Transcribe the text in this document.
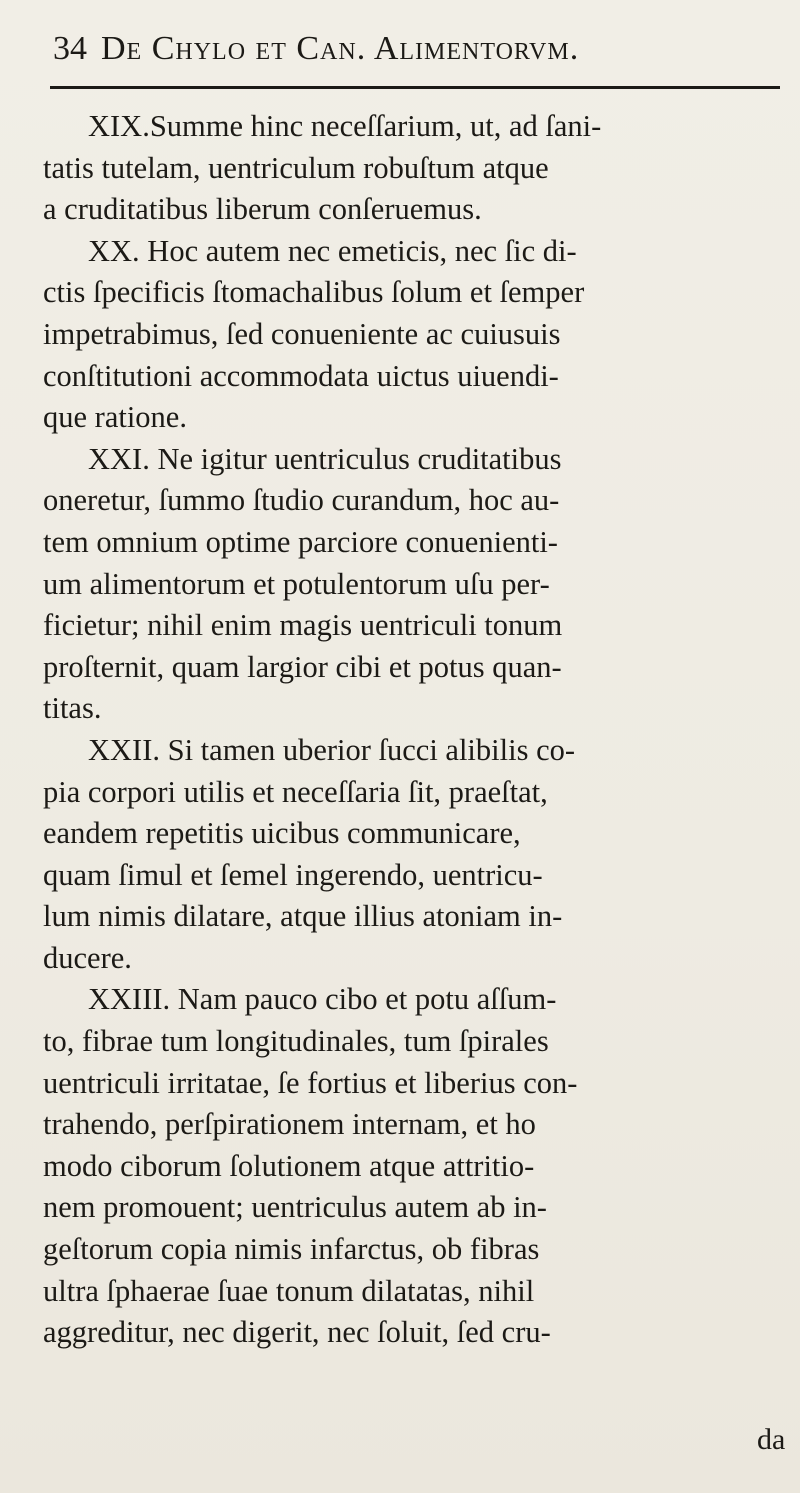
34 De Chylo et Can. Alimentorvm.
XIX.Summe hinc neceſſarium, ut, ad ſani-
tatis tutelam, uentriculum robuſtum atque
a cruditatibus liberum conſeruemus.
XX. Hoc autem nec emeticis, nec ſic di-
ctis ſpecificis ſtomachalibus ſolum et ſemper
impetrabimus, ſed conueniente ac cuiusuis
conſtitutioni accommodata uictus uiuendi-
que ratione.
XXI. Ne igitur uentriculus cruditatibus
oneretur, ſummo ſtudio curandum, hoc au-
tem omnium optime parciore conuenienti-
um alimentorum et potulentorum uſu per-
ficietur; nihil enim magis uentriculi tonum
proſternit, quam largior cibi et potus quan-
titas.
XXII. Si tamen uberior ſucci alibilis co-
pia corpori utilis et neceſſaria ſit, praeſtat,
eandem repetitis uicibus communicare,
quam ſimul et ſemel ingerendo, uentricu-
lum nimis dilatare, atque illius atoniam in-
ducere.
XXIII. Nam pauco cibo et potu aſſum-
to, fibrae tum longitudinales, tum ſpirales
uentriculi irritatae, ſe fortius et liberius con-
trahendo, perſpirationem internam, et ho
modo ciborum ſolutionem atque attritio-
nem promouent; uentriculus autem ab in-
geſtorum copia nimis infarctus, ob fibras
ultra ſphaerae ſuae tonum dilatatas, nihil
aggreditur, nec digerit, nec ſoluit, ſed cru-
da
